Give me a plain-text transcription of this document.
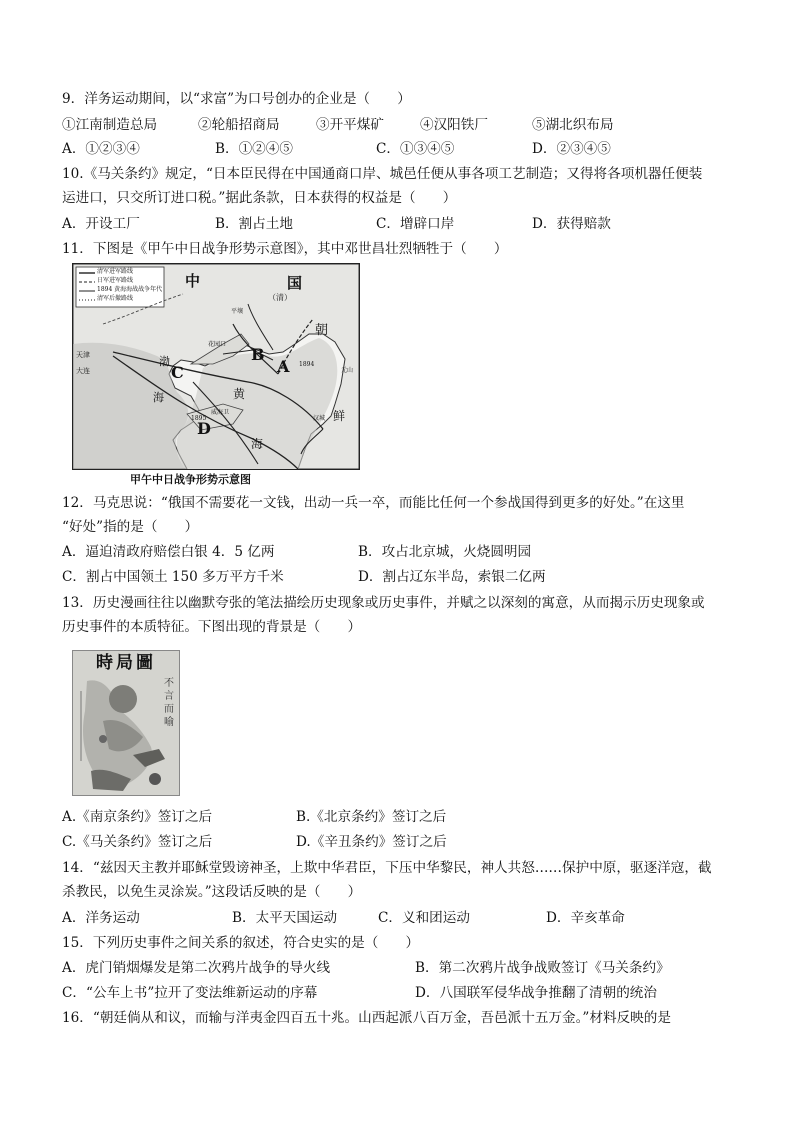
9．洋务运动期间，以“求富”为口号创办的企业是（　　）
①江南制造总局	②轮船招商局	③开平煤矿	④汉阳铁厂	⑤湖北织布局
A．①②③④	B．①②④⑤	C．①③④⑤	D．②③④⑤
10.《马关条约》规定，“日本臣民得在中国通商口岸、城邑任便从事各项工艺制造；又得将各项机器任便装
运进口，只交所订进口税。”据此条款，日本获得的权益是（　　）
A．开设工厂	B．割占土地	C．增辟口岸	D．获得赔款
11．下图是《甲午中日战争形势示意图》，其中邓世昌壮烈牺牲于（　　）
C
B
A
D
清军进军路线
日军进军路线
1894 黄海海战战争年代
清军后撤路线
中	国
（清）
朝
鲜
渤
海	黄
海
天津
大连
花园口
平壤
元山
汉城
威海卫
1894
1895
甲午中日战争形势示意图
12．马克思说：“俄国不需要花一文钱，出动一兵一卒，而能比任何一个参战国得到更多的好处。”在这里
“好处”指的是（　　）
A．逼迫清政府赔偿白银 4．5 亿两	B．攻占北京城，火烧圆明园
C．割占中国领土 150 多万平方千米	D．割占辽东半岛，索银二亿两
13．历史漫画往往以幽默夸张的笔法描绘历史现象或历史事件，并赋之以深刻的寓意，从而揭示历史现象或
历史事件的本质特征。下图出现的背景是（　　）
時局圖
不言而喻
A.《南京条约》签订之后	B.《北京条约》签订之后
C.《马关条约》签订之后	D.《辛丑条约》签订之后
14．“兹因天主教并耶稣堂毁谤神圣，上欺中华君臣，下压中华黎民，神人共怒……保护中原，驱逐洋寇，截
杀教民，以免生灵涂炭。”这段话反映的是（　　）
A．洋务运动	B．太平天国运动	C．义和团运动	D．辛亥革命
15．下列历史事件之间关系的叙述，符合史实的是（　　）
A．虎门销烟爆发是第二次鸦片战争的导火线	B．第二次鸦片战争战败签订《马关条约》
C．“公车上书”拉开了变法维新运动的序幕	D．八国联军侵华战争推翻了清朝的统治
16．“朝廷倘从和议，而输与洋夷金四百五十兆。山西起派八百万金，吾邑派十五万金。”材料反映的是
